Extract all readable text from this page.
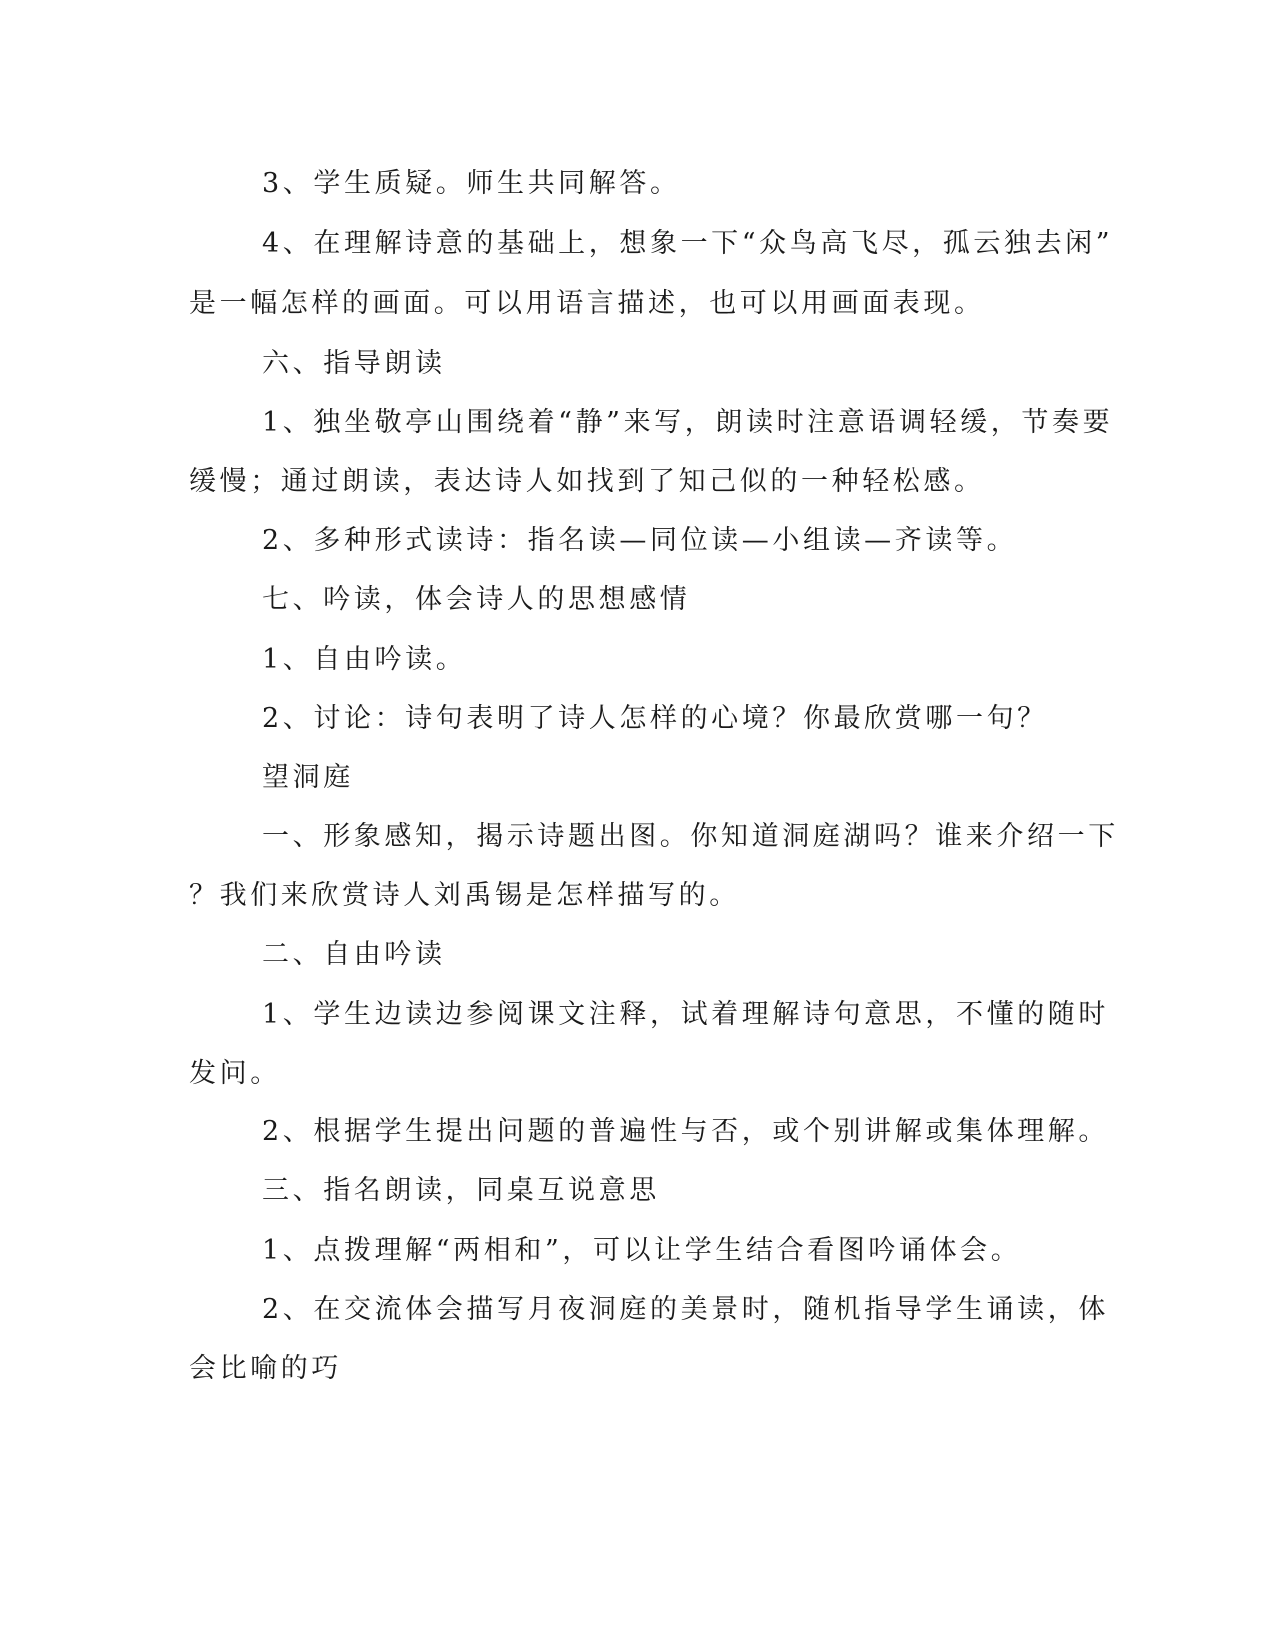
3、学生质疑。师生共同解答。

4、在理解诗意的基础上，想象一下“众鸟高飞尽，孤云独去闲”

是一幅怎样的画面。可以用语言描述，也可以用画面表现。

六、指导朗读

1、独坐敬亭山围绕着“静”来写，朗读时注意语调轻缓，节奏要

缓慢；通过朗读，表达诗人如找到了知己似的一种轻松感。

2、多种形式读诗：指名读—同位读—小组读—齐读等。

七、吟读，体会诗人的思想感情

1、自由吟读。

2、讨论：诗句表明了诗人怎样的心境？你最欣赏哪一句？

望洞庭

一、形象感知，揭示诗题出图。你知道洞庭湖吗？谁来介绍一下

？我们来欣赏诗人刘禹锡是怎样描写的。

二、自由吟读

1、学生边读边参阅课文注释，试着理解诗句意思，不懂的随时

发问。

2、根据学生提出问题的普遍性与否，或个别讲解或集体理解。

三、指名朗读，同桌互说意思

1、点拨理解“两相和”，可以让学生结合看图吟诵体会。

2、在交流体会描写月夜洞庭的美景时，随机指导学生诵读，体

会比喻的巧
